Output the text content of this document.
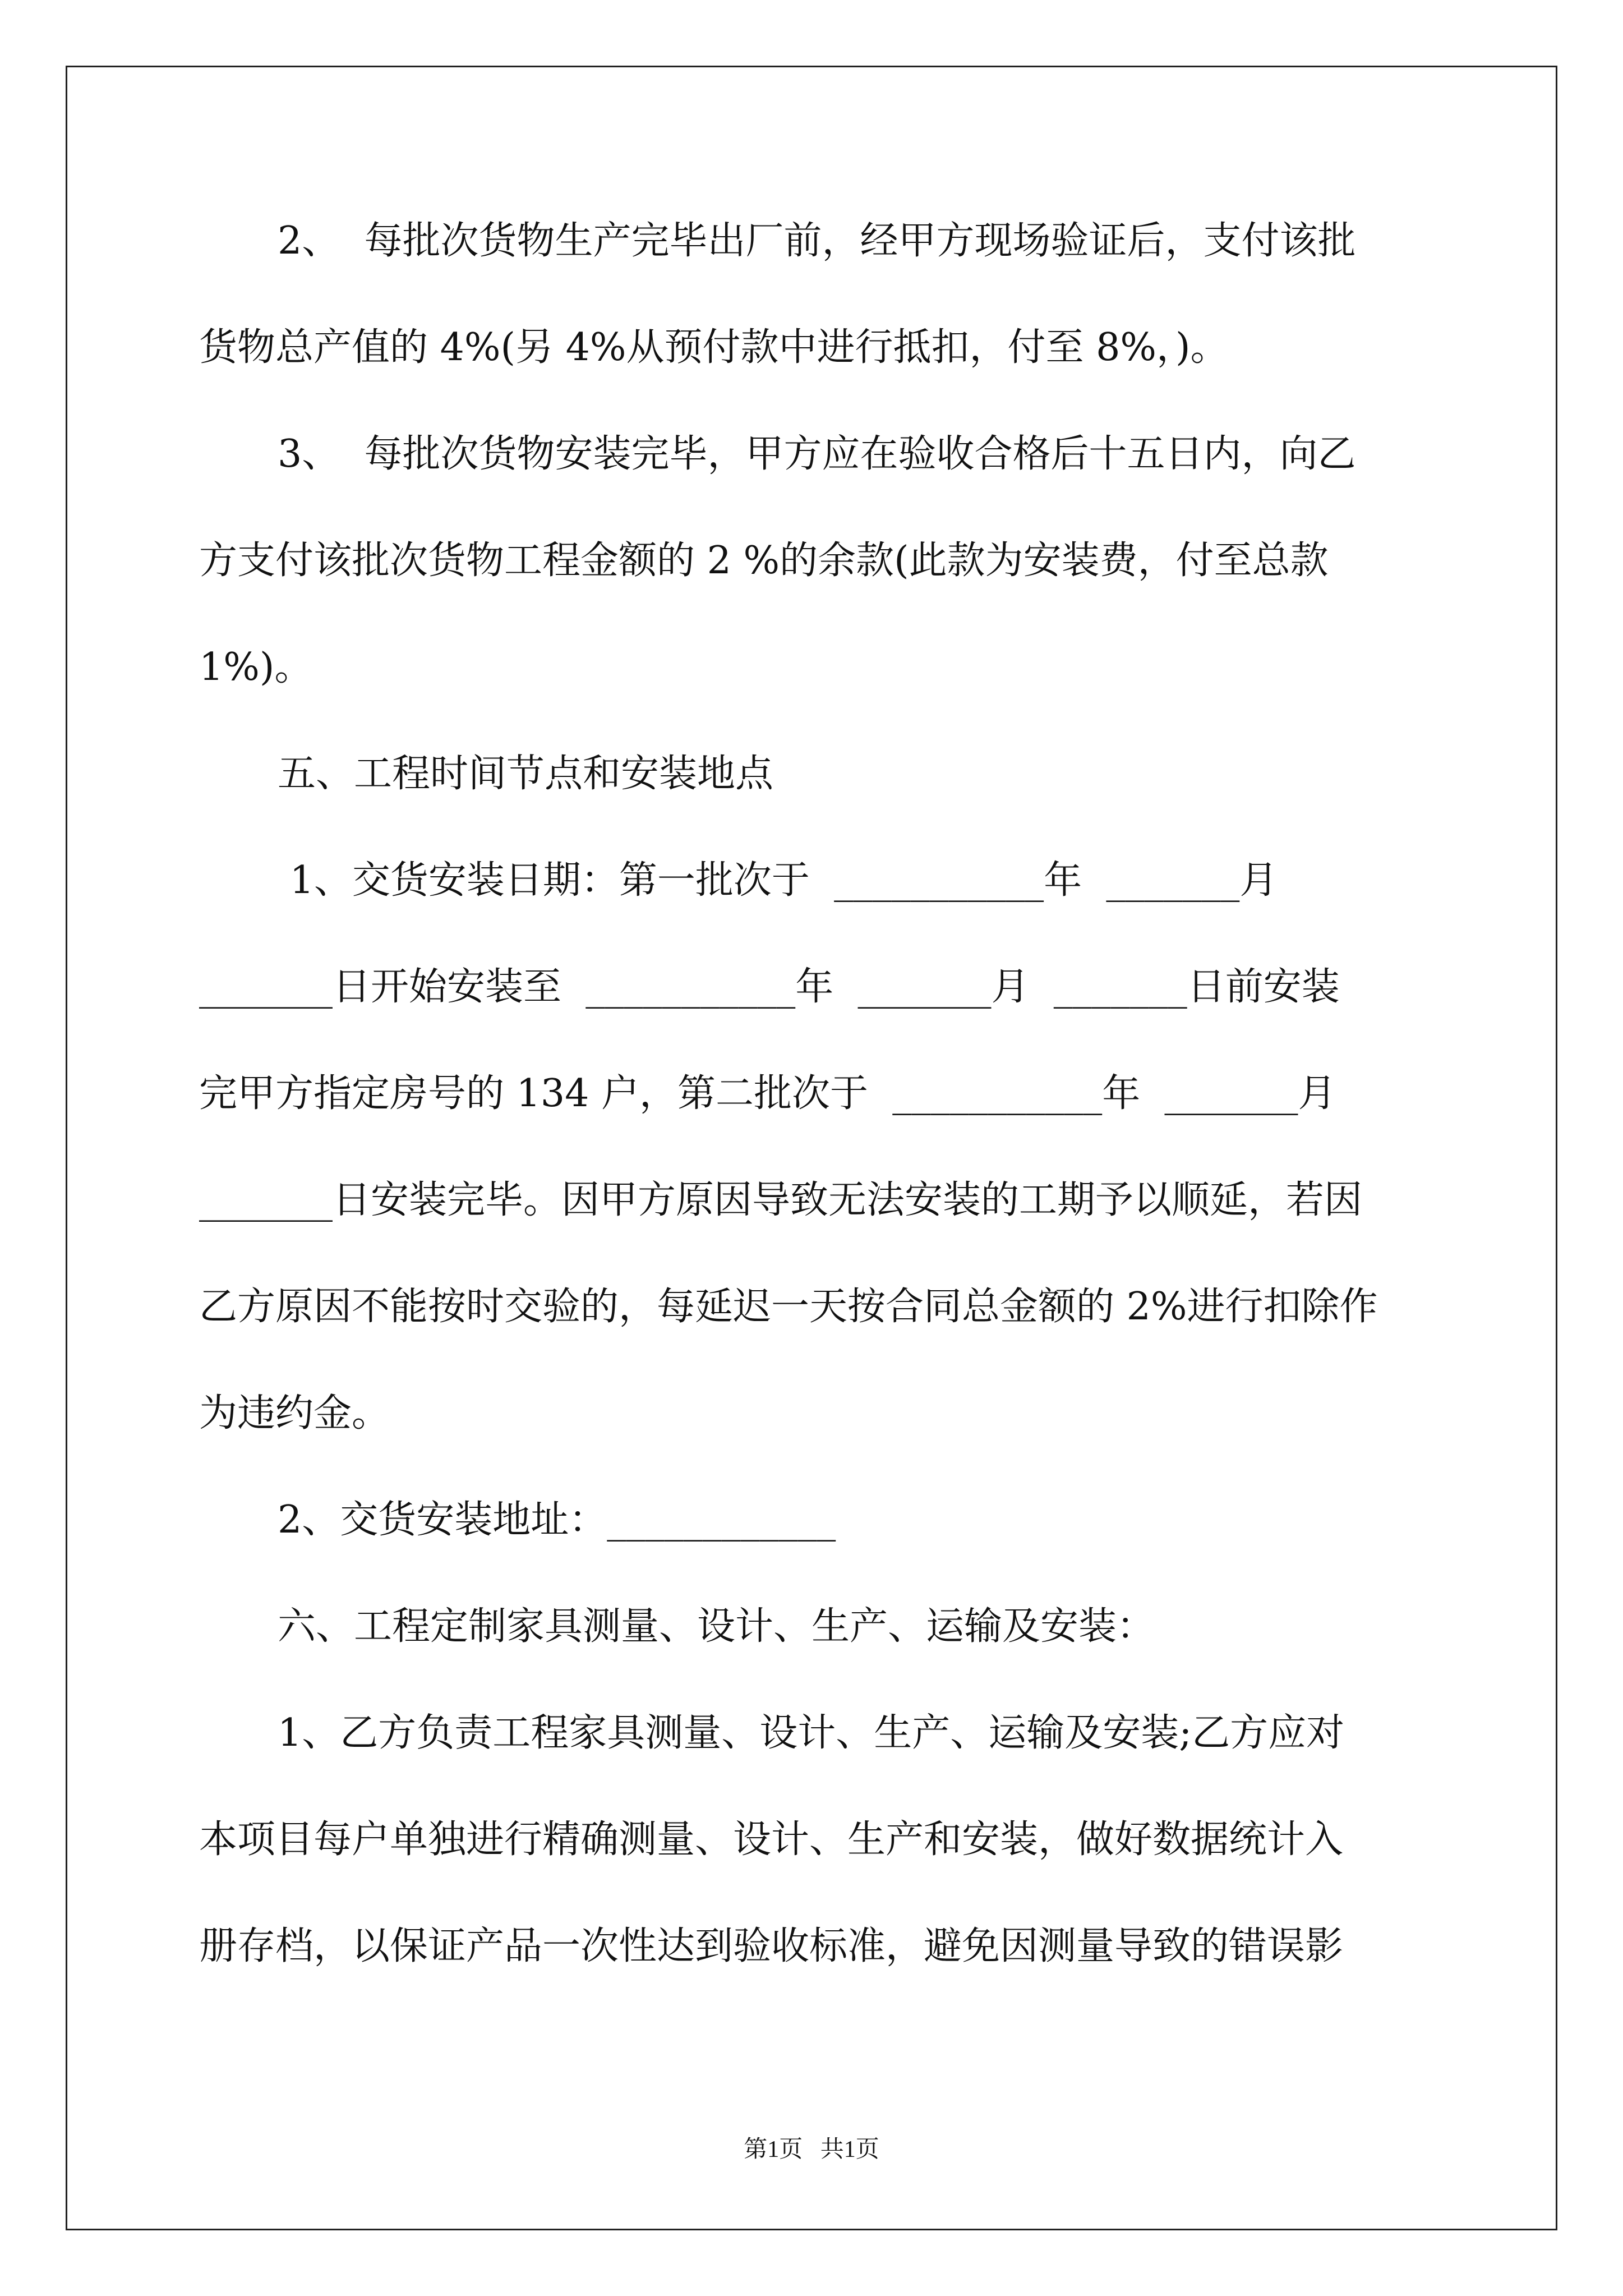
2、  每批次货物生产完毕出厂前，经甲方现场验证后，支付该批
货物总产值的 4%(另 4%从预付款中进行抵扣，付至 8%，)。
3、  每批次货物安装完毕，甲方应在验收合格后十五日内，向乙
方支付该批次货物工程金额的 2 %的余款(此款为安装费，付至总款
1%)。
五、工程时间节点和安装地点
1、交货安装日期：第一批次于  ___________年  _______月
_______日开始安装至  ___________年  _______月  _______日前安装
完甲方指定房号的 134 户，第二批次于  ___________年  _______月
_______日安装完毕。因甲方原因导致无法安装的工期予以顺延，若因
乙方原因不能按时交验的，每延迟一天按合同总金额的 2%进行扣除作
为违约金。
2、交货安装地址：____________
六、工程定制家具测量、设计、生产、运输及安装：
1、乙方负责工程家具测量、设计、生产、运输及安装;乙方应对
本项目每户单独进行精确测量、设计、生产和安装，做好数据统计入
册存档，以保证产品一次性达到验收标准，避免因测量导致的错误影
第1页   共1页
